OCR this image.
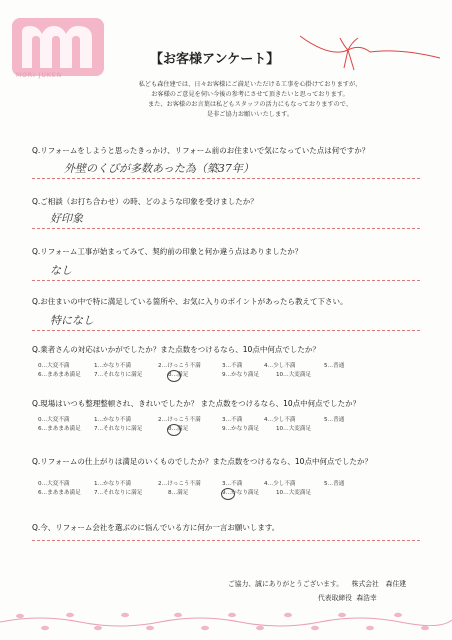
MORI JUKEN
【お客様アンケート】

私ども森住建では、日々お客様にご満足いただける工事を心掛けておりますが、

お客様のご意見を伺い今後の参考にさせて頂きたいと思っております。

また、お客様のお言葉は私どもスタッフの活力にもなっておりますので、

是非ご協力お願いいたします。

Q.リフォームをしようと思ったきっかけ、リフォーム前のお住まいで気になっていた点は何ですか？
外壁のくびが多数あった為（築37年）
Q.ご相談（お打ち合わせ）の時、どのような印象を受けましたか？
好印象
Q.リフォーム工事が始まってみて、契約前の印象と何か違う点はありましたか？
なし
Q.お住まいの中で特に満足している箇所や、お気に入りのポイントがあったら教えて下さい。
特になし
Q.業者さんの対応はいかがでしたか？また点数をつけるなら、10点中何点でしたか？
0…大変不満	1…かなり不満	2…けっこう不満	3…不満	4…少し不満	5…普通
6…まあまあ満足 7…それなりに満足	8…満足	9…かなり満足	10…大変満足
Q.現場はいつも整理整頓され、きれいでしたか？ また点数をつけるなら、10点中何点でしたか？
0…大変不満	1…かなり不満	2…けっこう不満	3…不満	4…少し不満	5…普通
6…まあまあ満足 7…それなりに満足	8…満足	9…かなり満足	10…大変満足
Q.リフォームの仕上がりは満足のいくものでしたか？また点数をつけるなら、10点中何点でしたか？
0…大変不満	1…かなり不満	2…けっこう不満	3…不満	4…少し不満	5…普通
6…まあまあ満足 7…それなりに満足	8…満足	9…かなり満足	10…大変満足
Q.今、リフォーム会社を選ぶのに悩んでいる方に何か一言お願いします。
ご協力、誠にありがとうございます。 株式会社　森住建
代表取締役 森浩幸
